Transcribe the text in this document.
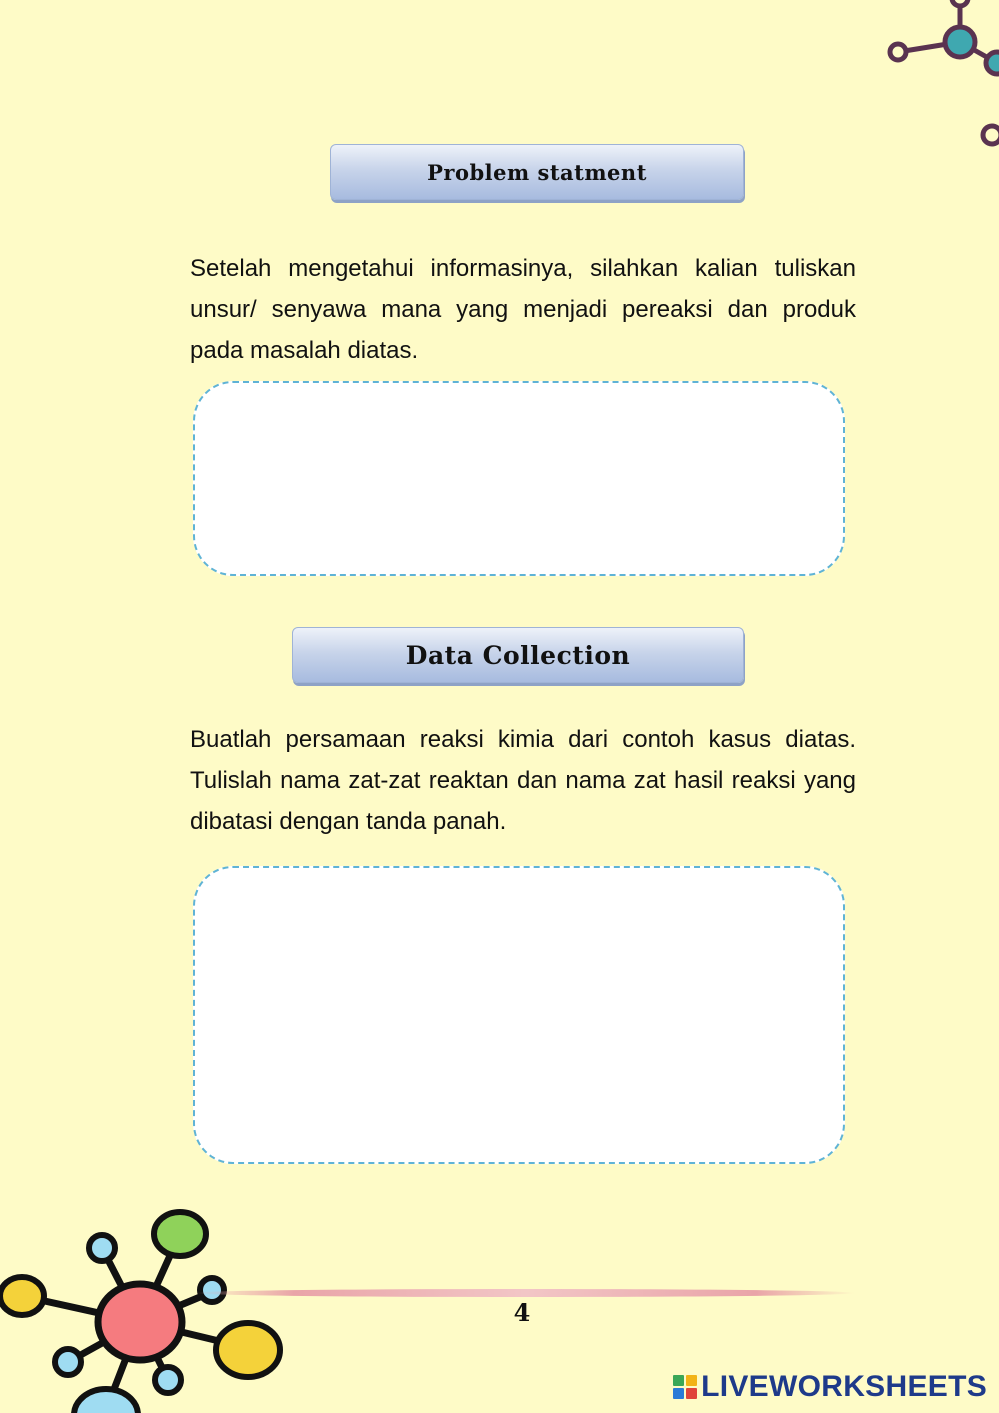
Problem statment

Setelah mengetahui informasinya, silahkan kalian tuliskan unsur/ senyawa mana yang menjadi pereaksi dan produk pada masalah diatas.

Data Collection

Buatlah persamaan reaksi kimia dari contoh kasus diatas. Tulislah nama zat-zat reaktan dan nama zat hasil reaksi yang dibatasi dengan tanda panah.

4
LIVEWORKSHEETS
